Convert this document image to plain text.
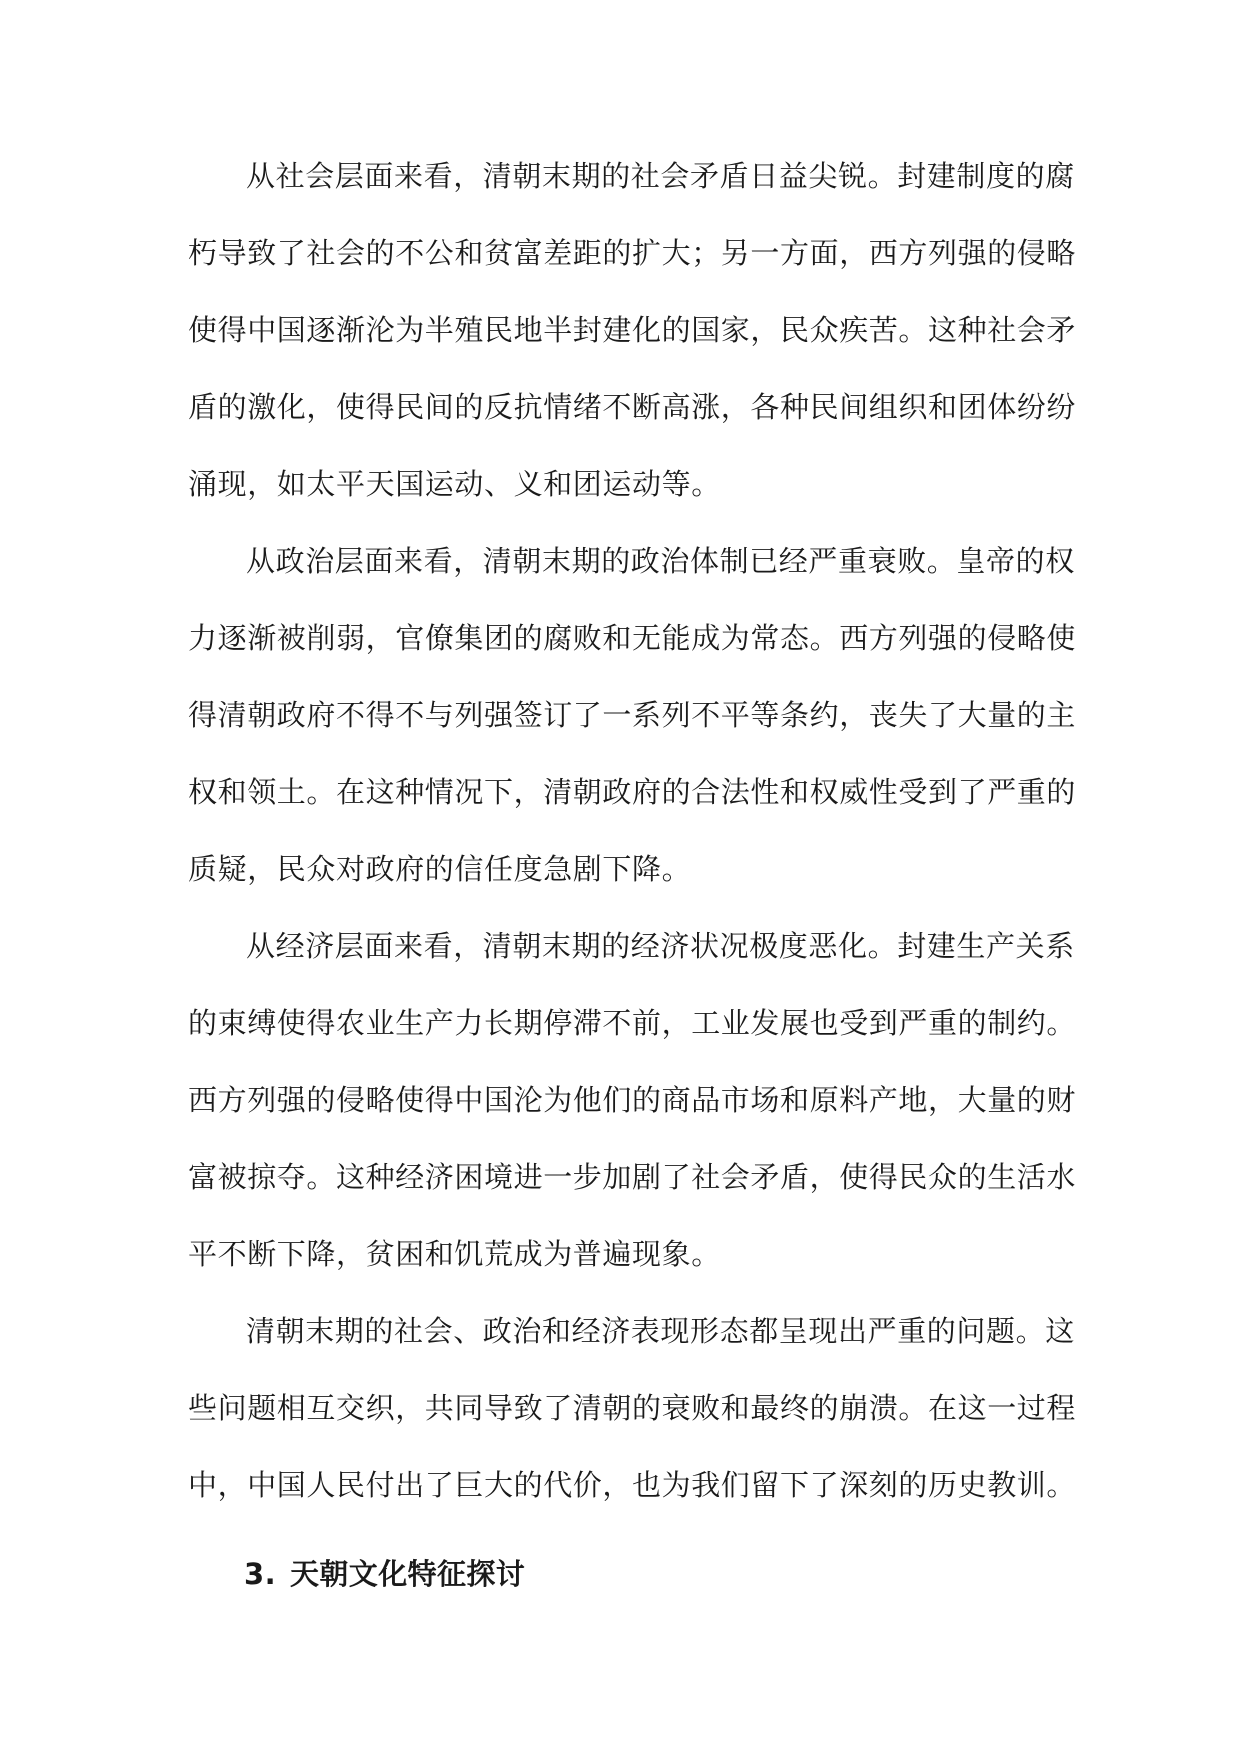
从社会层面来看，清朝末期的社会矛盾日益尖锐。封建制度的腐
朽导致了社会的不公和贫富差距的扩大；另一方面，西方列强的侵略
使得中国逐渐沦为半殖民地半封建化的国家，民众疾苦。这种社会矛
盾的激化，使得民间的反抗情绪不断高涨，各种民间组织和团体纷纷
涌现，如太平天国运动、义和团运动等。
从政治层面来看，清朝末期的政治体制已经严重衰败。皇帝的权
力逐渐被削弱，官僚集团的腐败和无能成为常态。西方列强的侵略使
得清朝政府不得不与列强签订了一系列不平等条约，丧失了大量的主
权和领土。在这种情况下，清朝政府的合法性和权威性受到了严重的
质疑，民众对政府的信任度急剧下降。
从经济层面来看，清朝末期的经济状况极度恶化。封建生产关系
的束缚使得农业生产力长期停滞不前，工业发展也受到严重的制约。
西方列强的侵略使得中国沦为他们的商品市场和原料产地，大量的财
富被掠夺。这种经济困境进一步加剧了社会矛盾，使得民众的生活水
平不断下降，贫困和饥荒成为普遍现象。
清朝末期的社会、政治和经济表现形态都呈现出严重的问题。这
些问题相互交织，共同导致了清朝的衰败和最终的崩溃。在这一过程
中，中国人民付出了巨大的代价，也为我们留下了深刻的历史教训。
3. 天朝文化特征探讨
